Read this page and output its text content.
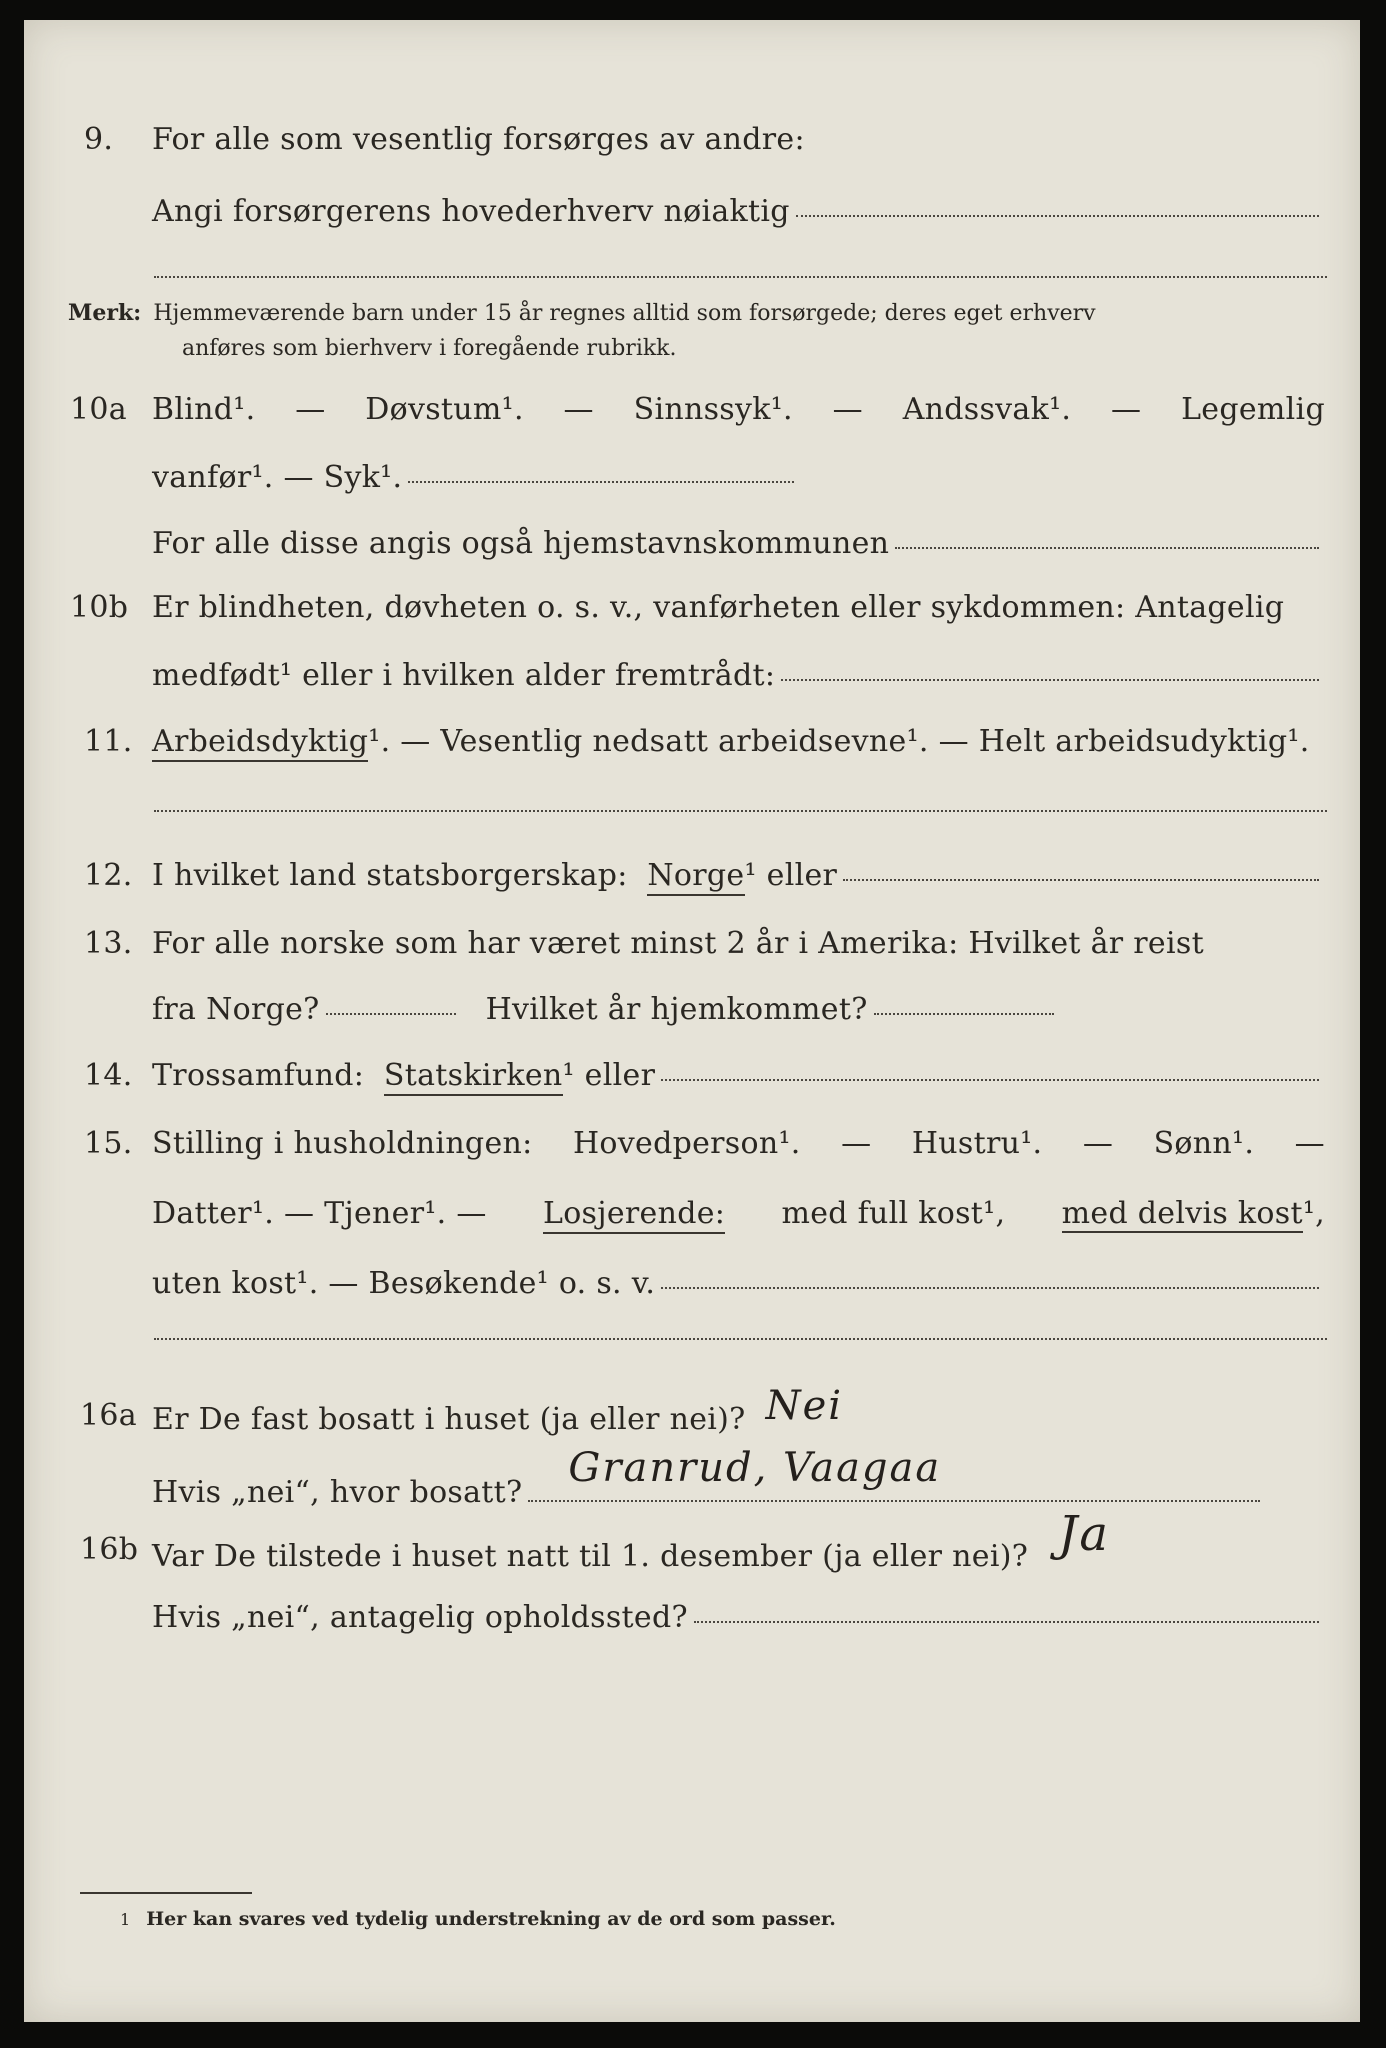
9. For alle som vesentlig forsørges av andre:
Angi forsørgerens hovederhverv nøiaktig
Merk: Hjemmeværende barn under 15 år regnes alltid som forsørgede; deres eget erhverv
anføres som bierhverv i foregående rubrikk.
10a Blind¹. — Døvstum¹. — Sinnssyk¹. — Andssvak¹. — Legemlig
vanfør¹. — Syk¹.
For alle disse angis også hjemstavnskommunen
10b Er blindheten, døvheten o. s. v., vanførheten eller sykdommen: Antagelig
medfødt¹ eller i hvilken alder fremtrådt:
11. Arbeidsdyktig ¹. — Vesentlig nedsatt arbeidsevne¹. — Helt arbeidsudyktig¹.
12. I hvilket land statsborgerskap:
Norge ¹ eller
13. For alle norske som har været minst 2 år i Amerika: Hvilket år reist
fra Norge?	Hvilket år hjemkommet?
14. Trossamfund:
Statskirken ¹ eller
15. Stilling i husholdningen: Hovedperson¹. — Hustru¹. — Sønn¹. —
Datter¹. — Tjener¹. — Losjerende: med full kost¹, med delvis kost¹,
uten kost¹. — Besøkende¹ o. s. v.
16a Er De fast bosatt i huset (ja eller nei)? Nei
Hvis „nei“, hvor bosatt?
Granrud, Vaagaa
16b Var De tilstede i huset natt til 1. desember (ja eller nei)? Ja
Hvis „nei“, antagelig opholdssted?
1 Her kan svares ved tydelig understrekning av de ord som passer.
